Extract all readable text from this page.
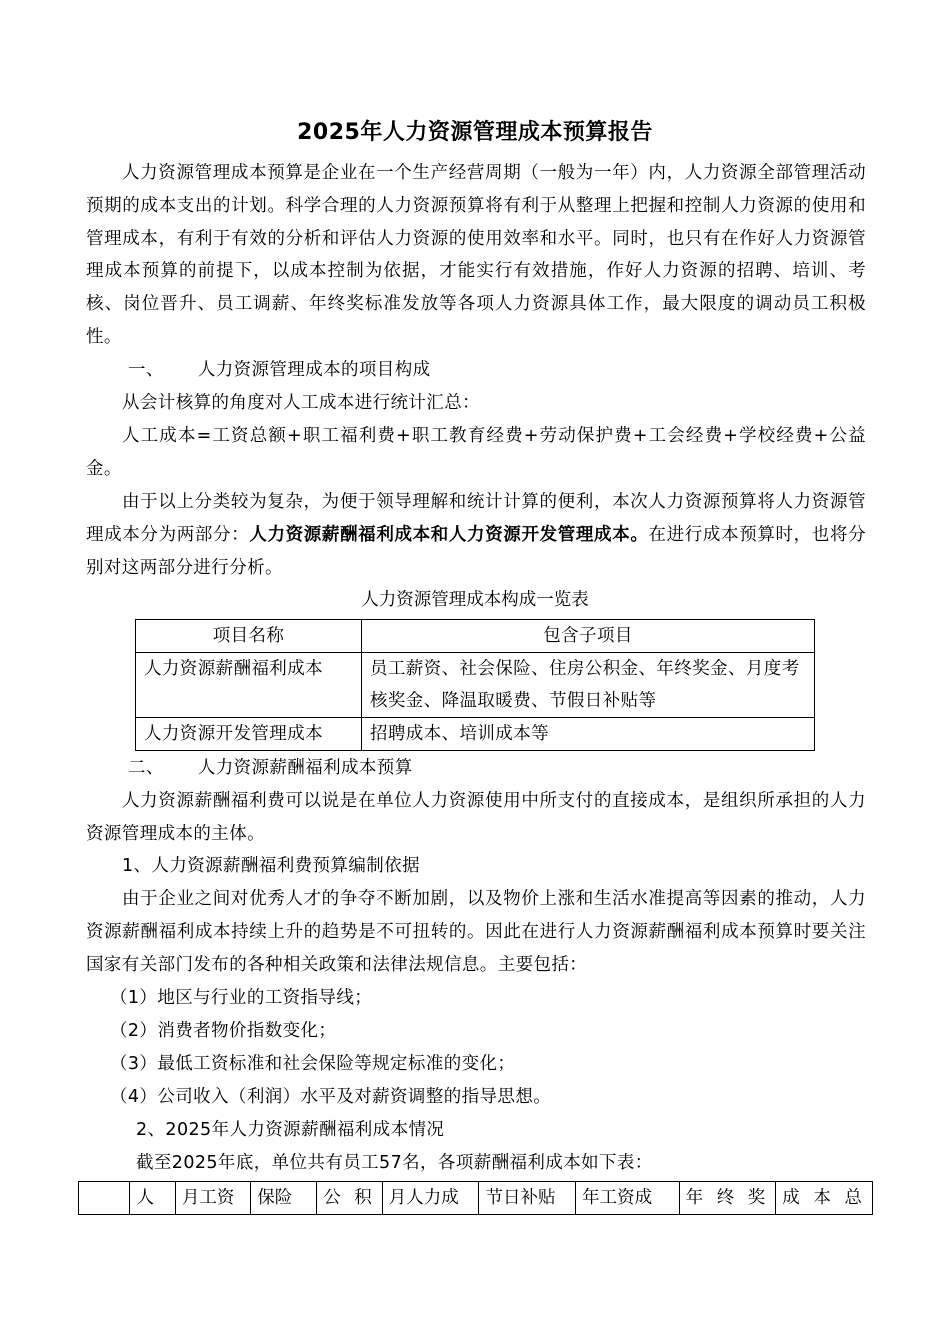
2025年人力资源管理成本预算报告
人力资源管理成本预算是企业在一个生产经营周期（一般为一年）内，人力资源全部管理活动预期的成本支出的计划。科学合理的人力资源预算将有利于从整理上把握和控制人力资源的使用和管理成本，有利于有效的分析和评估人力资源的使用效率和水平。同时，也只有在作好人力资源管理成本预算的前提下，以成本控制为依据，才能实行有效措施，作好人力资源的招聘、培训、考核、岗位晋升、员工调薪、年终奖标准发放等各项人力资源具体工作，最大限度的调动员工积极性。
一、 人力资源管理成本的项目构成
从会计核算的角度对人工成本进行统计汇总：
人工成本=工资总额+职工福利费+职工教育经费+劳动保护费+工会经费+学校经费+公益金。
由于以上分类较为复杂，为便于领导理解和统计计算的便利，本次人力资源预算将人力资源管理成本分为两部分：人力资源薪酬福利成本和人力资源开发管理成本。在进行成本预算时，也将分别对这两部分进行分析。
人力资源管理成本构成一览表
项目名称	包含子项目
人力资源薪酬福利成本	员工薪资、社会保险、住房公积金、年终奖金、月度考核奖金、降温取暖费、节假日补贴等
人力资源开发管理成本	招聘成本、培训成本等
二、 人力资源薪酬福利成本预算
人力资源薪酬福利费可以说是在单位人力资源使用中所支付的直接成本，是组织所承担的人力资源管理成本的主体。
1、人力资源薪酬福利费预算编制依据
由于企业之间对优秀人才的争夺不断加剧，以及物价上涨和生活水准提高等因素的推动，人力资源薪酬福利成本持续上升的趋势是不可扭转的。因此在进行人力资源薪酬福利成本预算时要关注国家有关部门发布的各种相关政策和法律法规信息。主要包括：
（1）地区与行业的工资指导线；
（2）消费者物价指数变化；
（3）最低工资标准和社会保险等规定标准的变化；
（4）公司收入（利润）水平及对薪资调整的指导思想。
2、2025年人力资源薪酬福利成本情况
截至2025年底，单位共有员工57名，各项薪酬福利成本如下表：
	人	月工资	保险	公 积	月人力成	节日补贴	年工资成	年 终 奖	成 本 总
